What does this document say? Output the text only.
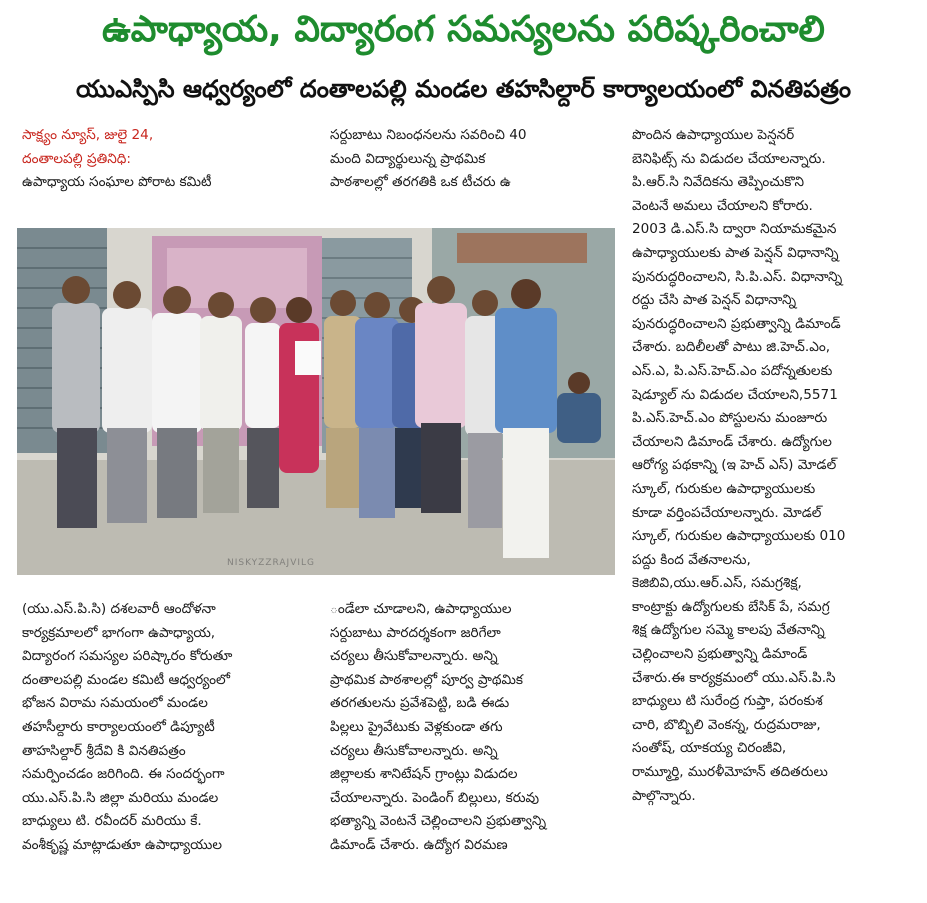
ఉపాధ్యాయ, విద్యారంగ సమస్యలను పరిష్కరించాలి
యుఎస్పిసి ఆధ్వర్యంలో దంతాలపల్లి మండల తహసిల్దార్ కార్యాలయంలో వినతిపత్రం
సాక్ష్యం న్యూస్, జులై 24,
దంతాలపల్లి ప్రతినిధి:
ఉపాధ్యాయ సంఘాల పోరాట కమిటీ
సర్దుబాటు నిబంధనలను సవరించి 40
మంది విద్యార్థులున్న ప్రాథమిక
పాఠశాలల్లో తరగతికి ఒక టీచరు ఉ
పొందిన ఉపాధ్యాయుల పెన్షనర్
బెనిఫిట్స్ ను విడుదల చేయాలన్నారు.
పి.ఆర్.సి నివేదికను తెప్పించుకొని
వెంటనే అమలు చేయాలని కోరారు.
2003 డి.ఎస్.సి ద్వారా నియామకమైన
ఉపాధ్యాయులకు పాత పెన్షన్ విధానాన్ని
పునరుద్ధరించాలని, సి.పి.ఎస్. విధానాన్ని
రద్దు చేసి పాత పెన్షన్ విధానాన్ని
పునరుద్ధరించాలని ప్రభుత్వాన్ని డిమాండ్
చేశారు. బదిలీలతో పాటు జి.హెచ్.ఎం,
ఎస్.ఎ, పి.ఎస్.హెచ్.ఎం పదోన్నతులకు
షెడ్యూల్ ను విడుదల చేయాలని,5571
పి.ఎస్.హెచ్.ఎం పోస్టులను మంజూరు
చేయాలని డిమాండ్ చేశారు. ఉద్యోగుల
ఆరోగ్య పథకాన్ని (ఇ హెచ్ ఎస్) మోడల్
స్కూల్, గురుకుల ఉపాధ్యాయులకు
కూడా వర్తింపచేయాలన్నారు. మోడల్
స్కూల్, గురుకుల ఉపాధ్యాయులకు 010
పద్దు కింద వేతనాలను,
కెజిబివి,యు.ఆర్.ఎస్, సమగ్రశిక్ష,
కాంట్రాక్టు ఉద్యోగులకు బేసిక్ పే, సమగ్ర
శిక్ష ఉద్యోగుల సమ్మె కాలపు వేతనాన్ని
చెల్లించాలని ప్రభుత్వాన్ని డిమాండ్
చేశారు.ఈ కార్యక్రమంలో యు.ఎస్.పి.సి
బాధ్యులు టి సురేంద్ర గుప్తా, పరంకుశ
చారి, బొబ్బిలి వెంకన్న, రుద్రమరాజు,
సంతోష్, యాకయ్య చిరంజీవి,
రామ్మూర్తి, మురళీమోహన్ తదితరులు
పాల్గొన్నారు.
NISKYZZRAJVILG
(యు.ఎస్.పి.సి) దశలవారీ ఆందోళనా
కార్యక్రమాలలో భాగంగా ఉపాధ్యాయ,
విద్యారంగ సమస్యల పరిష్కారం కోరుతూ
దంతాలపల్లి మండల కమిటీ ఆధ్వర్యంలో
భోజన విరామ సమయంలో మండల
తహసీల్దారు కార్యాలయంలో డిప్యూటీ
తాహసిల్దార్ శ్రీదేవి కి వినతిపత్రం
సమర్పించడం జరిగింది. ఈ సందర్భంగా
యు.ఎస్.పి.సి జిల్లా మరియు మండల
బాధ్యులు టి. రవీందర్ మరియు కే.
వంశీకృష్ణ మాట్లాడుతూ ఉపాధ్యాయుల
ండేలా చూడాలని, ఉపాధ్యాయుల
సర్దుబాటు పారదర్శకంగా జరిగేలా
చర్యలు తీసుకోవాలన్నారు. అన్ని
ప్రాథమిక పాఠశాలల్లో పూర్వ ప్రాథమిక
తరగతులను ప్రవేశపెట్టి, బడి ఈడు
పిల్లలు ప్రైవేటుకు వెళ్లకుండా తగు
చర్యలు తీసుకోవాలన్నారు. అన్ని
జిల్లాలకు శానిటేషన్ గ్రాంట్లు విడుదల
చేయాలన్నారు. పెండింగ్ బిల్లులు, కరువు
భత్యాన్ని వెంటనే చెల్లించాలని ప్రభుత్వాన్ని
డిమాండ్ చేశారు. ఉద్యోగ విరమణ
